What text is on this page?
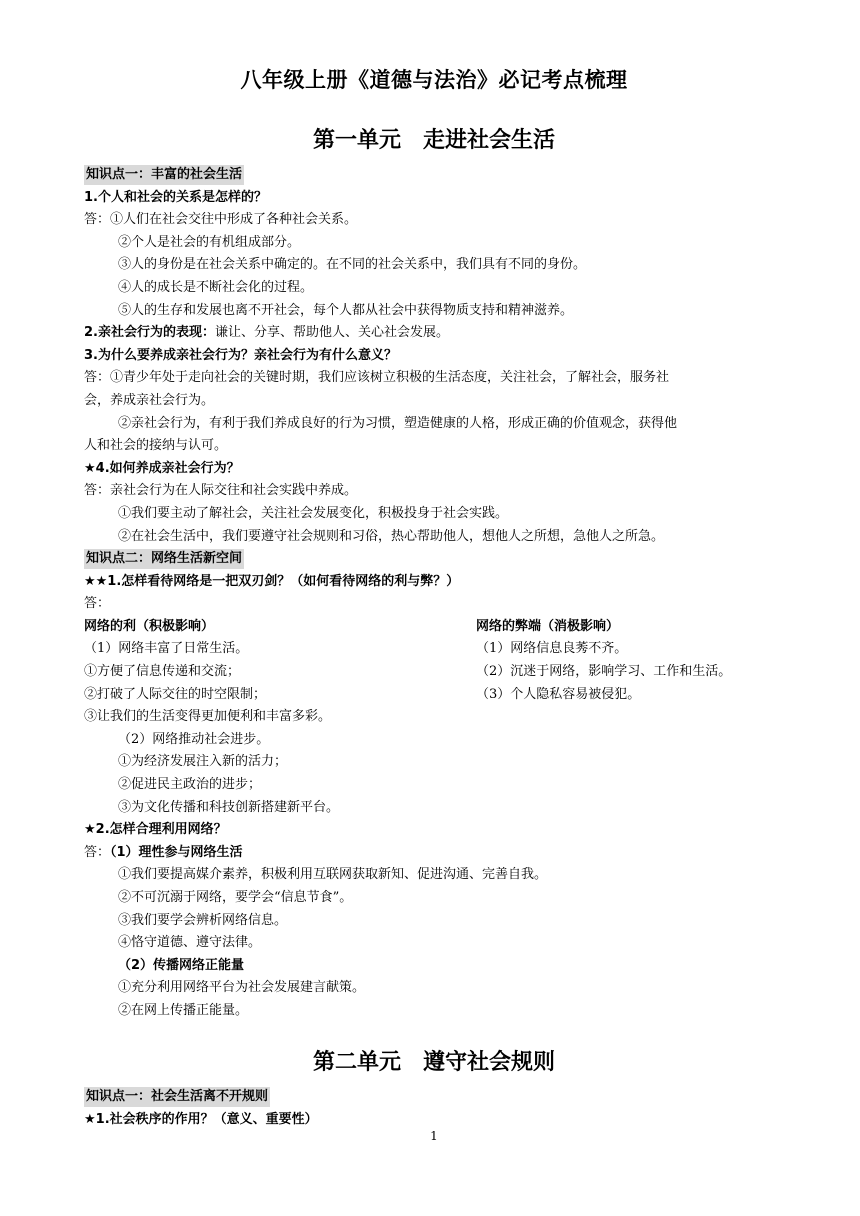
八年级上册《道德与法治》必记考点梳理
第一单元　走进社会生活
知识点一：丰富的社会生活
1.个人和社会的关系是怎样的？
答：①人们在社会交往中形成了各种社会关系。
②个人是社会的有机组成部分。
③人的身份是在社会关系中确定的。在不同的社会关系中，我们具有不同的身份。
④人的成长是不断社会化的过程。
⑤人的生存和发展也离不开社会，每个人都从社会中获得物质支持和精神滋养。
2.亲社会行为的表现：谦让、分享、帮助他人、关心社会发展。
3.为什么要养成亲社会行为？亲社会行为有什么意义？
答：①青少年处于走向社会的关键时期，我们应该树立积极的生活态度，关注社会，了解社会，服务社
会，养成亲社会行为。
②亲社会行为，有利于我们养成良好的行为习惯，塑造健康的人格，形成正确的价值观念，获得他
人和社会的接纳与认可。
★4.如何养成亲社会行为？
答：亲社会行为在人际交往和社会实践中养成。
①我们要主动了解社会，关注社会发展变化，积极投身于社会实践。
②在社会生活中，我们要遵守社会规则和习俗，热心帮助他人，想他人之所想，急他人之所急。
知识点二：网络生活新空间
★★1.怎样看待网络是一把双刃剑？（如何看待网络的利与弊？）
答：
网络的利（积极影响）
（1）网络丰富了日常生活。
①方便了信息传递和交流；
②打破了人际交往的时空限制；
③让我们的生活变得更加便利和丰富多彩。
网络的弊端（消极影响）
（1）网络信息良莠不齐。
（2）沉迷于网络，影响学习、工作和生活。
（3）个人隐私容易被侵犯。
（2）网络推动社会进步。
①为经济发展注入新的活力；
②促进民主政治的进步；
③为文化传播和科技创新搭建新平台。
★2.怎样合理利用网络？
答：（1）理性参与网络生活
①我们要提高媒介素养，积极利用互联网获取新知、促进沟通、完善自我。
②不可沉溺于网络，要学会“信息节食”。
③我们要学会辨析网络信息。
④恪守道德、遵守法律。
（2）传播网络正能量
①充分利用网络平台为社会发展建言献策。
②在网上传播正能量。
第二单元　遵守社会规则
知识点一：社会生活离不开规则
★1.社会秩序的作用？（意义、重要性）
1
